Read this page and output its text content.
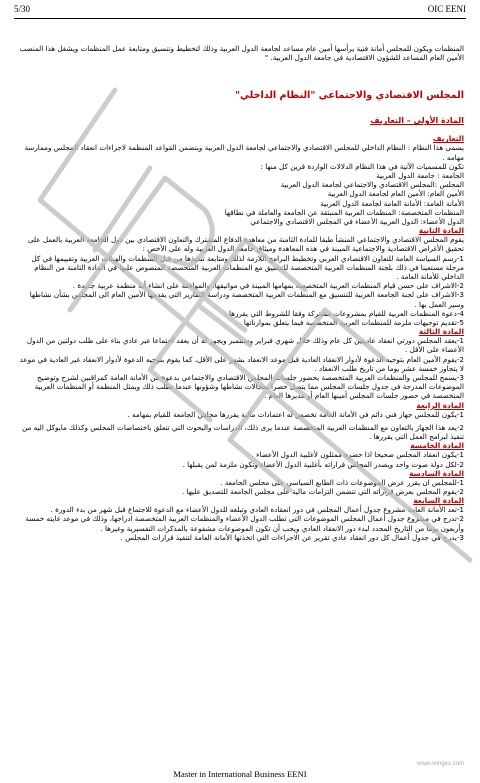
5/30	OIC EENI

المنظمات ويكون للمجلس أمانة فنية يرأسها أمين عام مساعد لجامعة الدول العربية وذلك لتخطيط وتنسيق ومتابعة عمل المنظمات ويشغل هذا المنصب الأمين العام المساعد للشؤون الاقتصادية في جامعة الدول العربية. "

المجلس الاقتصادي والاجتماعي "النظام الداخلي"

المادة الأولى – التعاريف

التعاريف

يسمى هذا النظام : النظام الداخلي للمجلس الاقتصادي والاجتماعي لجامعة الدول العربية ويتضمن القواعد المنظمة لاجراءات انعقاد المجلس وممارسة مهامه .

تكون للمسميات الآتية في هذا النظام الدلالات الواردة قرين كل منها :

الجامعة : جامعة الدول العربية

المجلس :المجلس الاقتصادي والاجتماعي لجامعة الدول العربية

الأمين العام: الأمين العام لجامعة الدول العربية

الأمانة العامة: الأمانة العامة لجامعة الدول العربية

المنظمات المتخصصة: المنظمات العربية المنبثقة عن الجامعة والعاملة في نطاقها

الدول الأعضاء: الدول العربية الأعضاء في المجلس الاقتصادي والاجتماعي

المادة الثانية

يقوم المجلس الاقتصادي والاجتماعي المنشأ طبقا للمادة الثامنة من معاهدة الدفاع المشترك والتعاون الاقتصادي بين دول الجامعة العربية بالعمل على تحقيق الأغراض الاقتصادية والاجتماعية المبينة في هذه المعاهدة وميثاق جامعة الدول العربية وله على الأخص :

1-رسم السياسة العامة للتعاون الاقتصادي العربي وتخطيط البرامج اللازمة لذلك ومتابعة تنفيذها من قبل المنظمات والهيئات العربية وتقييمها في كل مرحلة مستعينا في ذلك بلجنة المنظمات العربية المتخصصة للتنسيق مع المنظمات العربية المتخصصة المنصوص عليها في المادة الثامنة من النظام الداخلي للأمانة العامة .

2-الاشراف على حسن قيام المنظمات العربية المتخصصة بمهامها المبينة في مواثيقها، والموافقة على انشاء أية منظمة عربية جديدة .

3-الاشراف على لجنة الجامعة العربية للتنسيق مع المنظمات العربية المتخصصة ودراسة التقارير التي يقدمها الأمين العام الى المجلس بشأن نشاطها وسير العمل بها .

4-دعوة المنظمات العربية للقيام بمشروعات مشتركة وفقا للشروط التي يقررها .

5-تقديم توجيهات ملزمة للمنظمات العربية المتخصصة فيما يتعلق بموازناتها .

المادة الثالثة

1-يعقد المجلس دورتي انعقاد عاديتين كل عام وذلك خلال شهري فبراير وسبتمبر ويجوز له أن يعقد اجتماعا غير عادي بناء على طلب دولتين من الدول الأعضاء على الأقل .

2-يقوم الأمين العام بتوجيه الدعوة لأدوار الانعقاد العادية قبل موعد الانعقاد بشهر على الأقل، كما يقوم بتوجيه الدعوة لأدوار الانعقاد غير العادية في موعد لا يتجاوز خمسة عشر يوما من تاريخ طلب الانعقاد .

3-يسمح للمجلس والمنظمات العربية المتخصصة بحضور جلسات المجلس الاقتصادي والاجتماعي بدعوة من الأمانة العامة كمراقبين لشرح وتوضيح الموضوعات المدرجة في جدول جلسات المجلس مما يتصل حصرا بمجالات نشاطها وشؤونها عندما تطلب ذلك ويمثل المنظمة أو المنظمات العربية المتخصصة في حضور جلسات المجلس أمينها العام أو مديرها العام .

المادة الرابعة

1-يكون للمجلس جهاز فني دائم في الأمانة العامة تخصص له اعتمادات مالية يقررها مجلس الجامعة للقيام بمهامه .

2-يعد هذا الجهاز بالتعاون مع المنظمات العربية المتخصصة عندما يرى ذلك، الدراسات والبحوث التي تتعلق باختصاصات المجلس وكذلك مايوكل اليه من تنفيذ لبرامج العمل التي يقررها .

المادة الخامسة

1-يكون انعقاد المجلس صحيحا اذا حضره ممثلون لأغلبية الدول الأعضاء .

2-لكل دولة صوت واحد ويصدر المجلس قراراته بأغلبية الدول الأعضاء وتكون ملزمة لمن يقبلها .

المادة السادسة

1-للمجلس ان يقرر عرض الموضوعات ذات الطابع السياسي على مجلس الجامعة .

2-يقوم المجلس بعرض قراراته التي تتضمن التزامات مالية على مجلس الجامعة للتصديق عليها .

المادة السابعة

1-تعد الأمانة العامة مشروع جدول أعمال المجلس في دور انعقاده العادي وتبلغه للدول الأعضاء مع الدعوة للاجتماع قبل شهر من بدء الدورة .

2-تدرج في مشروع جدول أعمال المجلس الموضوعات التي تطلب الدول الأعضاء والمنظمات العربية المتخصصة ادراجها، وذلك في موعد غايته خمسة وأربعون يوما من التاريخ المحدد لبدء دور الانعقاد العادي ويجب أن تكون الموضوعات مشفوعة بالمذكرات التفسيرية وغيرها .

3-يدرج في جدول أعمال كل دور انعقاد عادي تقرير عن الاجراءات التي اتخذتها الأمانة العامة لتنفيذ قرارات المجلس .

www.reingex.com
Master in International Business EENI
